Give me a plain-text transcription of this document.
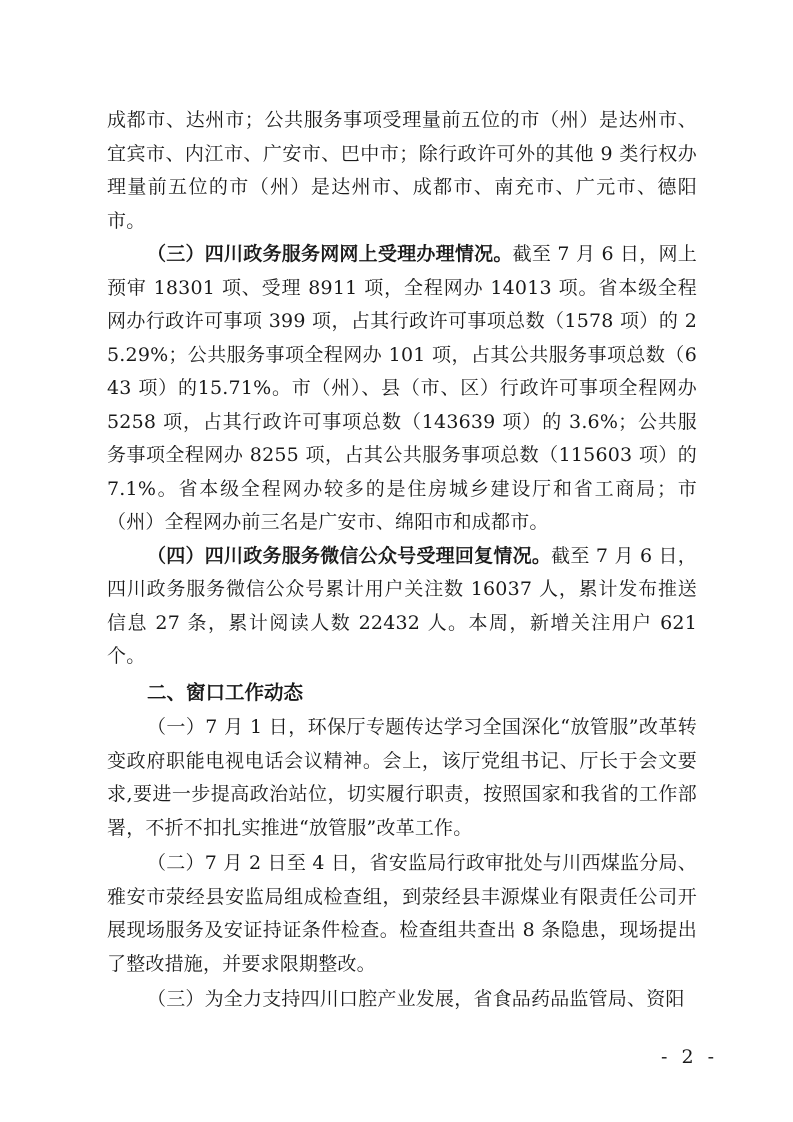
成都市、达州市；公共服务事项受理量前五位的市（州）是达州市、宜宾市、内江市、广安市、巴中市；除行政许可外的其他 9 类行权办理量前五位的市（州）是达州市、成都市、南充市、广元市、德阳市。

（三）四川政务服务网网上受理办理情况。截至 7 月 6 日，网上预审 18301 项、受理 8911 项，全程网办 14013 项。省本级全程网办行政许可事项 399 项，占其行政许可事项总数（1578 项）的 25.29%；公共服务事项全程网办 101 项，占其公共服务事项总数（643 项）的15.71%。市（州）、县（市、区）行政许可事项全程网办 5258 项，占其行政许可事项总数（143639 项）的 3.6%；公共服务事项全程网办 8255 项，占其公共服务事项总数（115603 项）的 7.1%。省本级全程网办较多的是住房城乡建设厅和省工商局；市（州）全程网办前三名是广安市、绵阳市和成都市。

（四）四川政务服务微信公众号受理回复情况。截至 7 月 6 日，四川政务服务微信公众号累计用户关注数 16037 人，累计发布推送信息 27 条，累计阅读人数 22432 人。本周，新增关注用户 621 个。

二、窗口工作动态

（一）7 月 1 日，环保厅专题传达学习全国深化“放管服”改革转变政府职能电视电话会议精神。会上，该厅党组书记、厅长于会文要求,要进一步提高政治站位，切实履行职责，按照国家和我省的工作部署，不折不扣扎实推进“放管服”改革工作。

（二）7 月 2 日至 4 日，省安监局行政审批处与川西煤监分局、雅安市荥经县安监局组成检查组，到荥经县丰源煤业有限责任公司开展现场服务及安证持证条件检查。检查组共查出 8 条隐患，现场提出了整改措施，并要求限期整改。

（三）为全力支持四川口腔产业发展，省食品药品监管局、资阳

- 2 -
